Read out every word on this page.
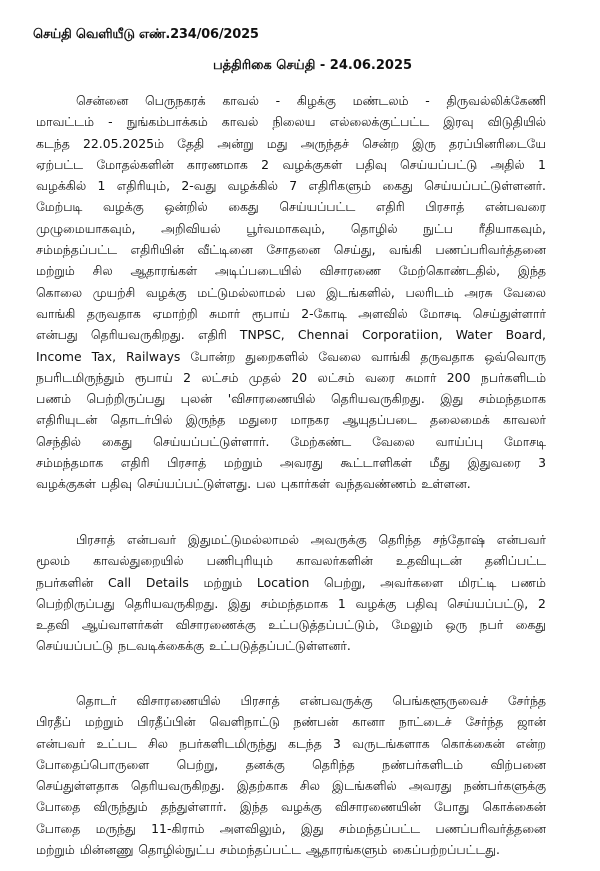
செய்தி வெளியீடு எண்.234/06/2025
பத்திரிகை செய்தி - 24.06.2025
சென்னை பெருநகரக் காவல் - கிழக்கு மண்டலம் - திருவல்லிக்கேணி
மாவட்டம் - நுங்கம்பாக்கம் காவல் நிலைய எல்லைக்குட்பட்ட இரவு விடுதியில்
கடந்த 22.05.2025ம் தேதி அன்று மது அருந்தச் சென்ற இரு தரப்பினரிடையே
ஏற்பட்ட மோதல்களின் காரணமாக 2 வழக்குகள் பதிவு செய்யப்பட்டு அதில் 1
வழக்கில் 1 எதிரியும், 2-வது வழக்கில் 7 எதிரிகளும் கைது செய்யப்பட்டுள்ளனர்.
மேற்படி வழக்கு ஒன்றில் கைது செய்யப்பட்ட எதிரி பிரசாத் என்பவரை
முழுமையாகவும், அறிவியல் பூர்வமாகவும், தொழில் நுட்ப ரீதியாகவும்,
சம்மந்தப்பட்ட எதிரியின் வீட்டினை சோதனை செய்து, வங்கி பணப்பரிவர்த்தனை
மற்றும் சில ஆதாரங்கள் அடிப்படையில் விசாரணை மேற்கொண்டதில், இந்த
கொலை முயற்சி வழக்கு மட்டுமல்லாமல் பல இடங்களில், பலரிடம் அரசு வேலை
வாங்கி தருவதாக ஏமாற்றி சுமார் ரூபாய் 2-கோடி அளவில் மோசடி செய்துள்ளார்
என்பது தெரியவருகிறது. எதிரி TNPSC, Chennai Corporatiion, Water Board,
Income Tax, Railways போன்ற துறைகளில் வேலை வாங்கி தருவதாக ஒவ்வொரு
நபரிடமிருந்தும் ரூபாய் 2 லட்சம் முதல் 20 லட்சம் வரை சுமார் 200 நபர்களிடம்
பணம் பெற்றிருப்பது புலன் 'விசாரணையில் தெரியவருகிறது. இது சம்மந்தமாக
எதிரியுடன் தொடர்பில் இருந்த மதுரை மாநகர ஆயுதப்படை தலைமைக் காவலர்
செந்தில் கைது செய்யப்பட்டுள்ளார். மேற்கண்ட வேலை வாய்ப்பு மோசடி
சம்மந்தமாக எதிரி பிரசாத் மற்றும் அவரது கூட்டாளிகள் மீது இதுவரை 3
வழக்குகள் பதிவு செய்யப்பட்டுள்ளது. பல புகார்கள் வந்தவண்ணம் உள்ளன.
பிரசாத் என்பவர் இதுமட்டுமல்லாமல் அவருக்கு தெரிந்த சந்தோஷ் என்பவர்
மூலம் காவல்துறையில் பணிபுரியும் காவலர்களின் உதவியுடன் தனிப்பட்ட
நபர்களின் Call Details மற்றும் Location பெற்று, அவர்களை மிரட்டி பணம்
பெற்றிருப்பது தெரியவருகிறது. இது சம்மந்தமாக 1 வழக்கு பதிவு செய்யப்பட்டு, 2
உதவி ஆய்வாளர்கள் விசாரணைக்கு உட்படுத்தப்பட்டும், மேலும் ஒரு நபர் கைது
செய்யப்பட்டு நடவடிக்கைக்கு உட்படுத்தப்பட்டுள்ளனர்.
தொடர் விசாரணையில் பிரசாத் என்பவருக்கு பெங்களூருவைச் சேர்ந்த
பிரதீப் மற்றும் பிரதீப்பின் வெளிநாட்டு நண்பன் கானா நாட்டைச் சேர்ந்த ஜான்
என்பவர் உட்பட சில நபர்களிடமிருந்து கடந்த 3 வருடங்களாக கொக்கைன் என்ற
போதைப்பொருளை பெற்று, தனக்கு தெரிந்த நண்பர்களிடம் விற்பனை
செய்துள்ளதாக தெரியவருகிறது. இதற்காக சில இடங்களில் அவரது நண்பர்களுக்கு
போதை விருந்தும் தந்துள்ளார். இந்த வழக்கு விசாரணையின் போது கொக்கைன்
போதை மருந்து 11-கிராம் அளவிலும், இது சம்மந்தப்பட்ட பணப்பரிவர்த்தனை
மற்றும் மின்னணு தொழில்நுட்ப சம்மந்தப்பட்ட ஆதாரங்களும் கைப்பற்றப்பட்டது.
